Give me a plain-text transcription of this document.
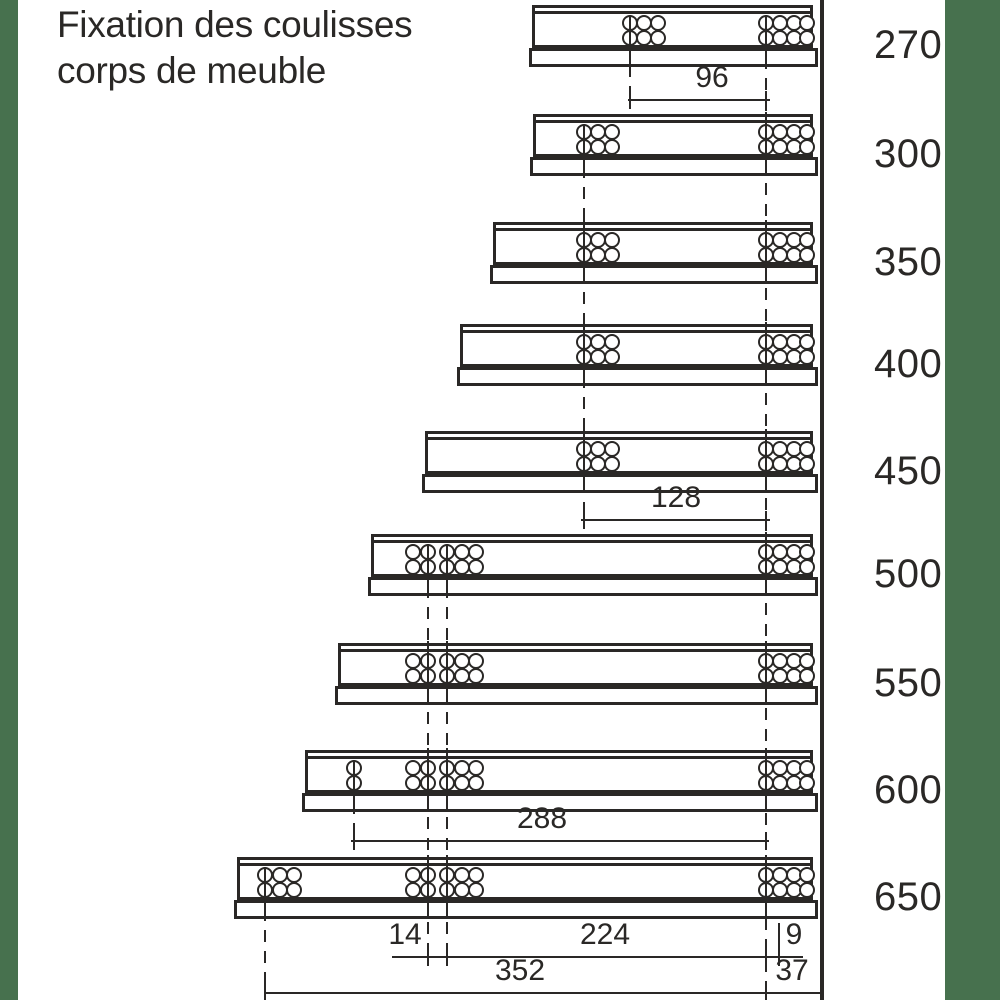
Fixation des coulisses
corps de meuble
270
300
350
400
450
500
550
600
650
96
128
288
14	224	9
352	37
